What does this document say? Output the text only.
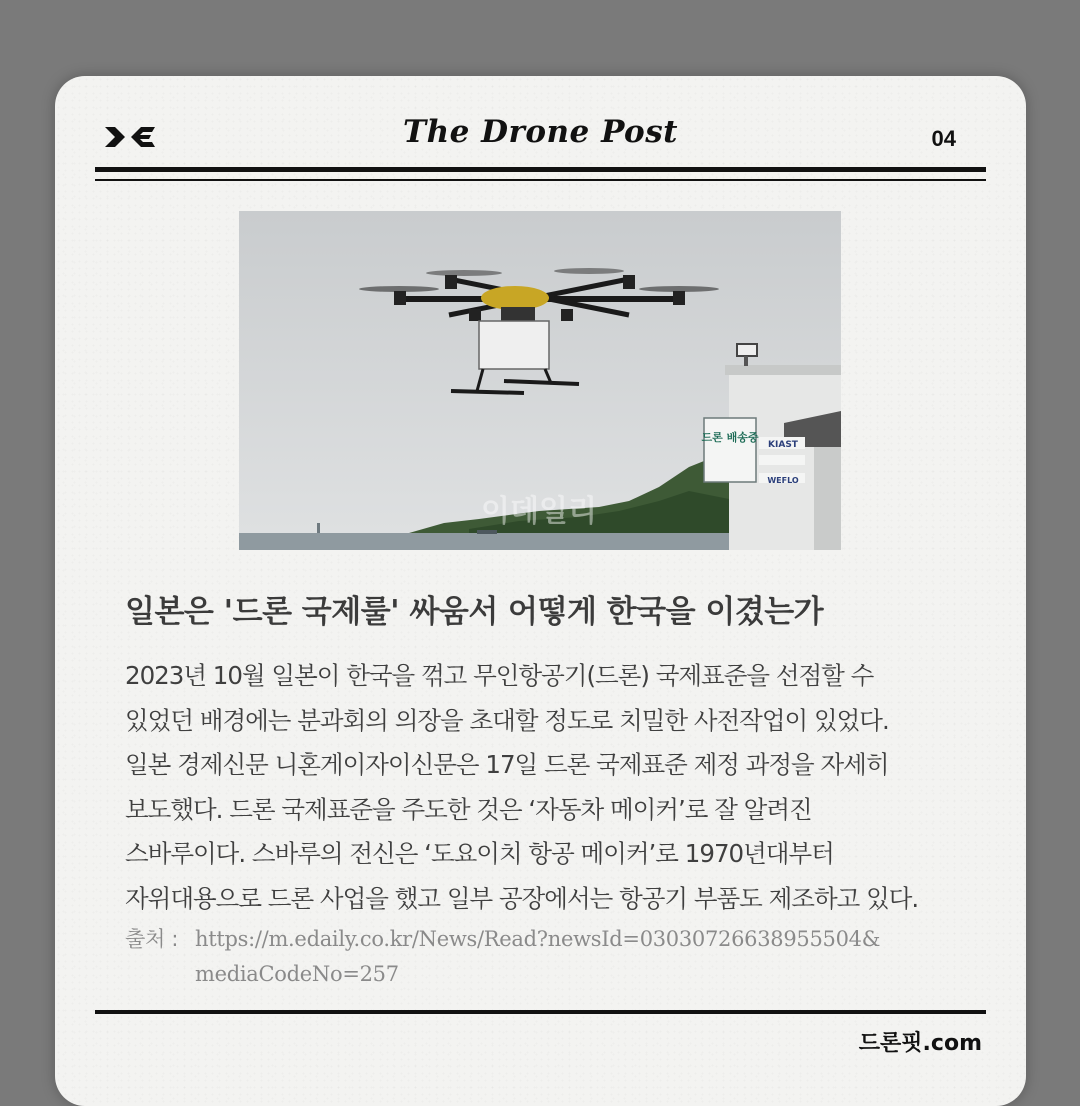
The Drone Post	04
드론 배송중
KIAST
WEFLO
이데일리
일본은 '드론 국제룰' 싸움서 어떻게 한국을 이겼는가
2023년 10월 일본이 한국을 꺾고 무인항공기(드론) 국제표준을 선점할 수
있었던 배경에는 분과회의 의장을 초대할 정도로 치밀한 사전작업이 있었다.
일본 경제신문 니혼게이자이신문은 17일 드론 국제표준 제정 과정을 자세히
보도했다. 드론 국제표준을 주도한 것은 ‘자동차 메이커’로 잘 알려진
스바루이다. 스바루의 전신은 ‘도요이치 항공 메이커’로 1970년대부터
자위대용으로 드론 사업을 했고 일부 공장에서는 항공기 부품도 제조하고 있다.
출처 : https://m.edaily.co.kr/News/Read?newsId=03030726638955504&
mediaCodeNo=257
드론핏.com
